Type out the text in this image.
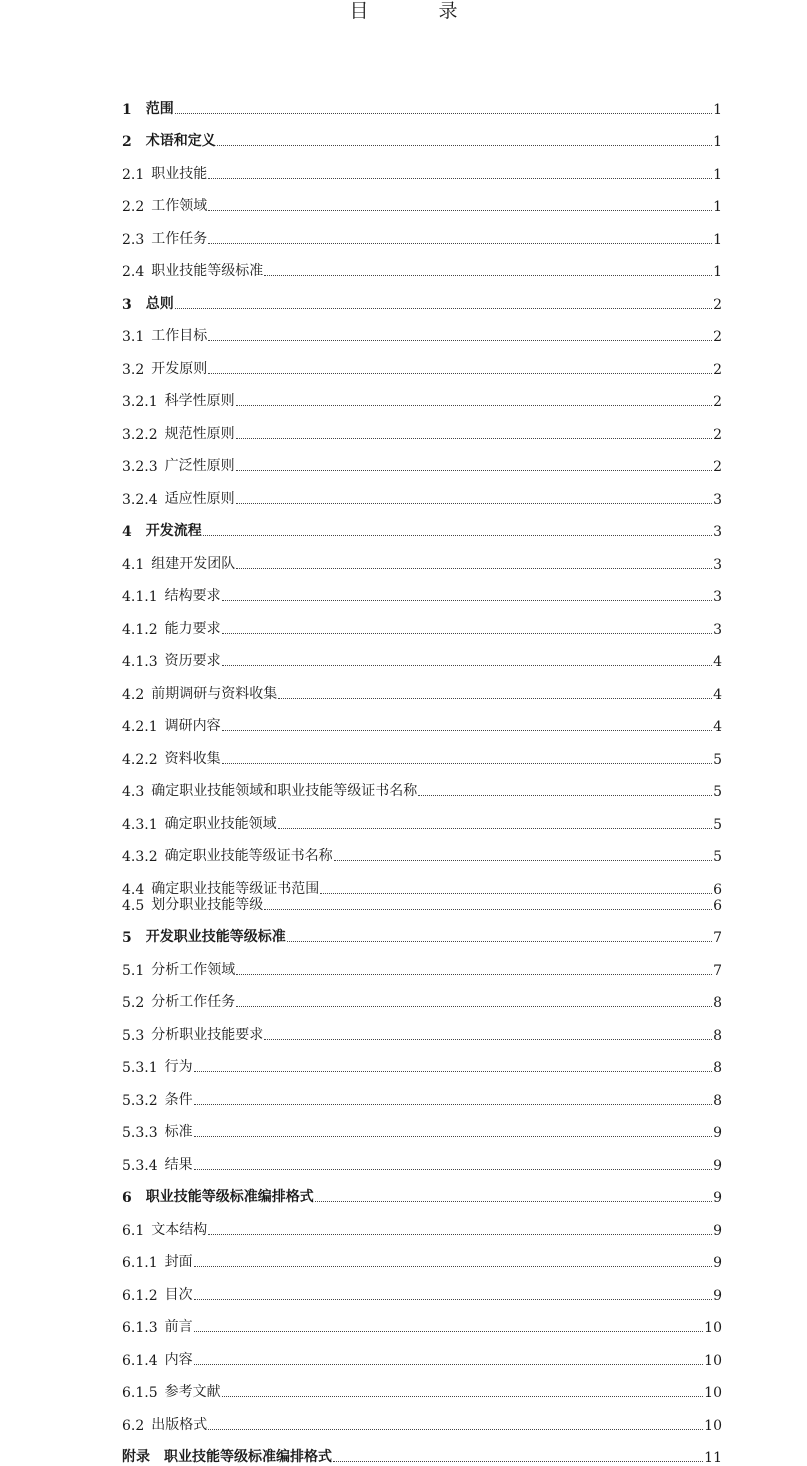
目 录
1 范围	1
2 术语和定义	1
2.1 职业技能	1
2.2 工作领域	1
2.3 工作任务	1
2.4 职业技能等级标准	1
3 总则	2
3.1 工作目标	2
3.2 开发原则	2
3.2.1 科学性原则	2
3.2.2 规范性原则	2
3.2.3 广泛性原则	2
3.2.4 适应性原则	3
4 开发流程	3
4.1 组建开发团队	3
4.1.1 结构要求	3
4.1.2 能力要求	3
4.1.3 资历要求	4
4.2 前期调研与资料收集	4
4.2.1 调研内容	4
4.2.2 资料收集	5
4.3 确定职业技能领域和职业技能等级证书名称	5
4.3.1 确定职业技能领域	5
4.3.2 确定职业技能等级证书名称	5
4.4 确定职业技能等级证书范围	6
4.5 划分职业技能等级	6
5 开发职业技能等级标准	7
5.1 分析工作领域	7
5.2 分析工作任务	8
5.3 分析职业技能要求	8
5.3.1 行为	8
5.3.2 条件	8
5.3.3 标准	9
5.3.4 结果	9
6 职业技能等级标准编排格式	9
6.1 文本结构	9
6.1.1 封面	9
6.1.2 目次	9
6.1.3 前言	10
6.1.4 内容	10
6.1.5 参考文献	10
6.2 出版格式	10
附录 职业技能等级标准编排格式	11
